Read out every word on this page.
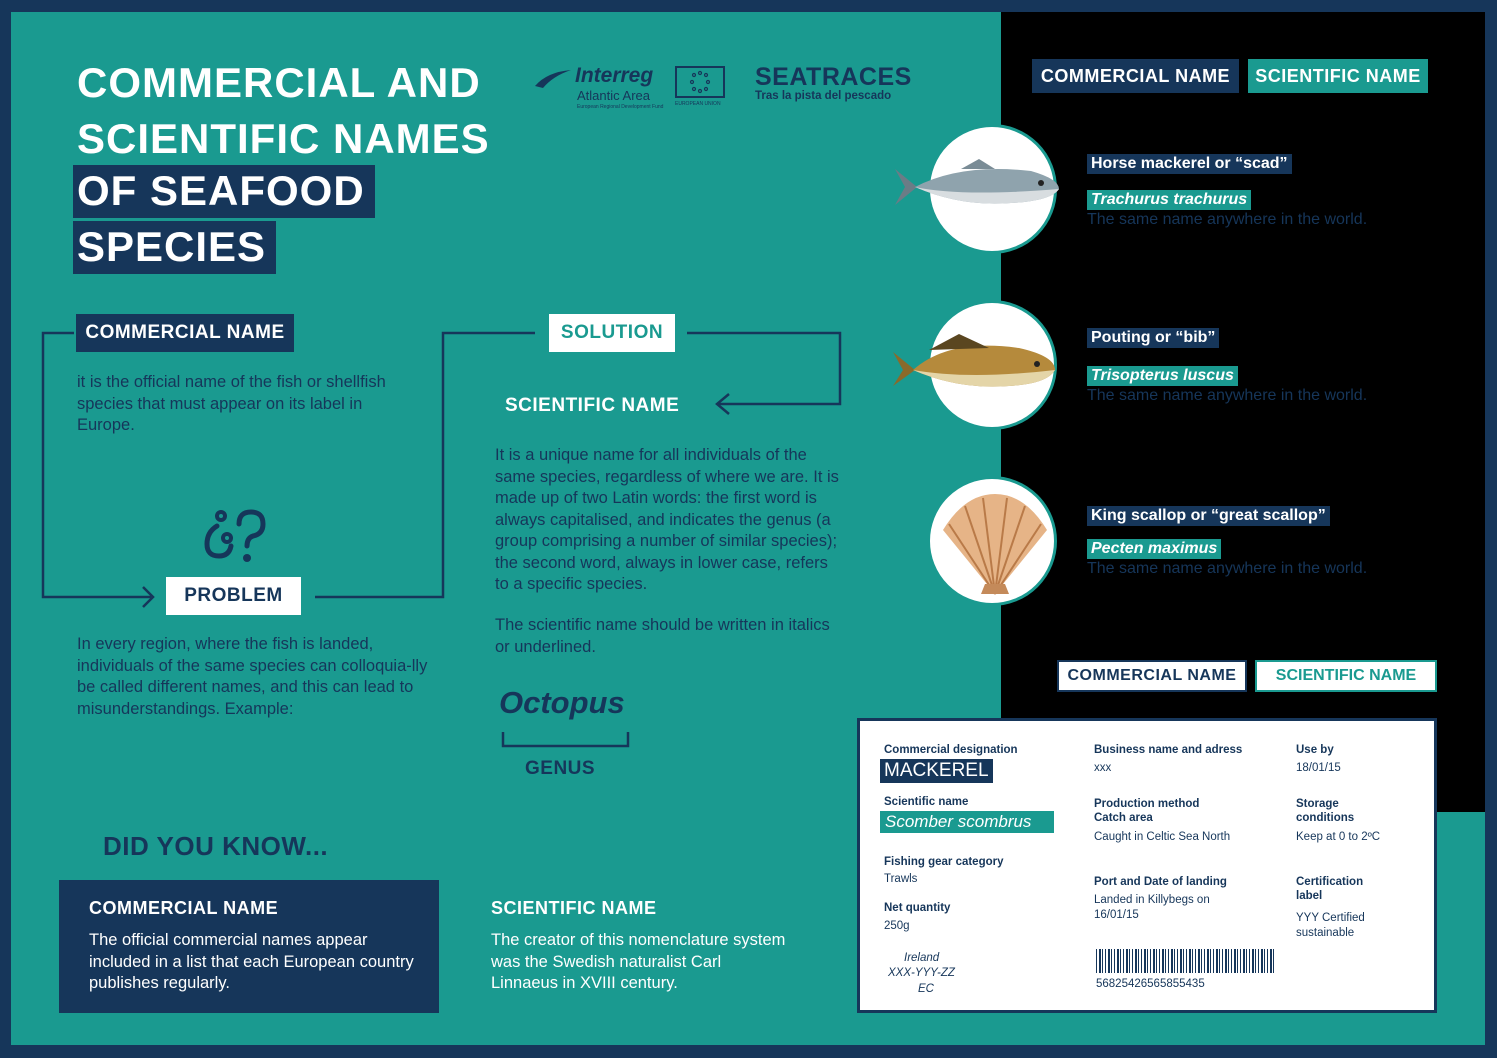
COMMERCIAL AND
SCIENTIFIC NAMES
OF SEAFOOD
SPECIES
Interreg
Atlantic Area
European Regional Development Fund EUROPEAN UNION
SEATRACES
Tras la pista del pescado
COMMERCIAL NAME	SCIENTIFIC NAME
COMMERCIAL NAME
it is the official name of the fish or shellfish species that must appear on its label in Europe.
PROBLEM
In every region, where the fish is landed, individuals of the same species can colloquia-lly be called different names, and this can lead to misunderstandings. Example:
SOLUTION
SCIENTIFIC NAME
It is a unique name for all individuals of the same species, regardless of where we are. It is made up of two Latin words: the first word is always capitalised, and indicates the genus (a group comprising a number of similar species); the second word, always in lower case, refers to a specific species.
The scientific name should be written in italics or underlined.
Octopus
GENUS
DID YOU KNOW...
COMMERCIAL NAME
The official commercial names appear included in a list that each European country publishes regularly.
SCIENTIFIC NAME
The creator of this nomenclature system was the Swedish naturalist Carl Linnaeus in XVIII century.
Horse mackerel or “scad”
Trachurus trachurus
The same name anywhere in the world.
Pouting or “bib”
Trisopterus luscus
The same name anywhere in the world.
King scallop or “great scallop”
Pecten maximus
The same name anywhere in the world.
COMMERCIAL NAME	SCIENTIFIC NAME
Commercial designation
MACKEREL
Scientific name
Scomber scombrus
Fishing gear category
Trawls
Net quantity
250g
Ireland
XXX-YYY-ZZ
EC
Business name and adress
xxx
Production method
Catch area
Caught in Celtic Sea North
Port and Date of landing
Landed in Killybegs on
16/01/15
56825426565855435
Use by
18/01/15
Storage
conditions
Keep at 0 to 2ºC
Certification
label
YYY Certified
sustainable
